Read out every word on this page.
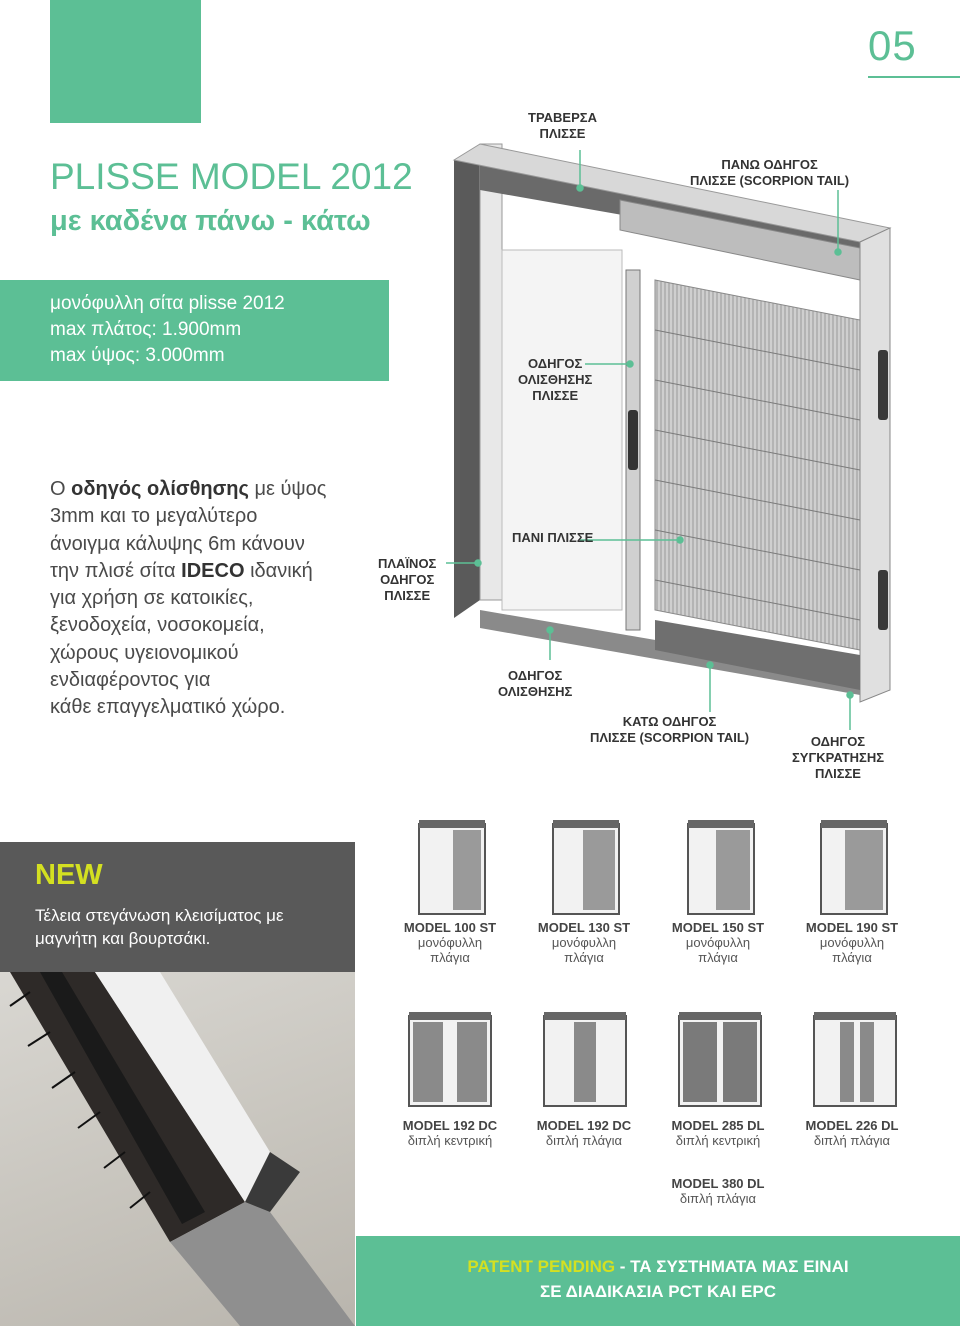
05
PLISSE MODEL 2012
με καδένα πάνω - κάτω
μονόφυλλη σίτα plisse 2012
max πλάτος: 1.900mm
max ύψος: 3.000mm

Ο οδηγός ολίσθησης με ύψος

3mm και το μεγαλύτερο

άνοιγμα κάλυψης 6m κάνουν

την πλισέ σίτα IDECO ιδανική

για χρήση σε κατοικίες,

ξενοδοχεία, νοσοκομεία,

χώρους υγειονομικού

ενδιαφέροντος για

κάθε επαγγελματικό χώρο.

ΤΡΑΒΕΡΣΑ
ΠΛΙΣΣΕ
ΠΑΝΩ ΟΔΗΓΟΣ
ΠΛΙΣΣΕ (SCORPION TAIL)
ΟΔΗΓΟΣ
ΟΛΙΣΘΗΣΗΣ
ΠΛΙΣΣΕ
ΠΑΝΙ ΠΛΙΣΣΕ
ΠΛΑΪΝΟΣ
ΟΔΗΓΟΣ
ΠΛΙΣΣΕ
ΟΔΗΓΟΣ
ΟΛΙΣΘΗΣΗΣ
ΚΑΤΩ ΟΔΗΓΟΣ
ΠΛΙΣΣΕ (SCORPION TAIL)	ΟΔΗΓΟΣ
ΣΥΓΚΡΑΤΗΣΗΣ
ΠΛΙΣΣΕ
NEW
Τέλεια στεγάνωση κλεισίματος με
μαγνήτη και βουρτσάκι.
MODEL 100 ST
μονόφυλλη
πλάγια
MODEL 130 ST
μονόφυλλη
πλάγια
MODEL 150 ST
μονόφυλλη
πλάγια
MODEL 190 ST
μονόφυλλη
πλάγια
MODEL 192 DC
διπλή κεντρική
MODEL 192 DC
διπλή πλάγια
MODEL 285 DL
διπλή κεντρική
MODEL 226 DL
διπλή πλάγια
MODEL 380 DL
διπλή πλάγια
PATENT PENDING - ΤΑ ΣΥΣΤΗΜΑΤΑ ΜΑΣ ΕΙΝΑΙ
ΣΕ ΔΙΑΔΙΚΑΣΙΑ PCT ΚΑΙ EPC
